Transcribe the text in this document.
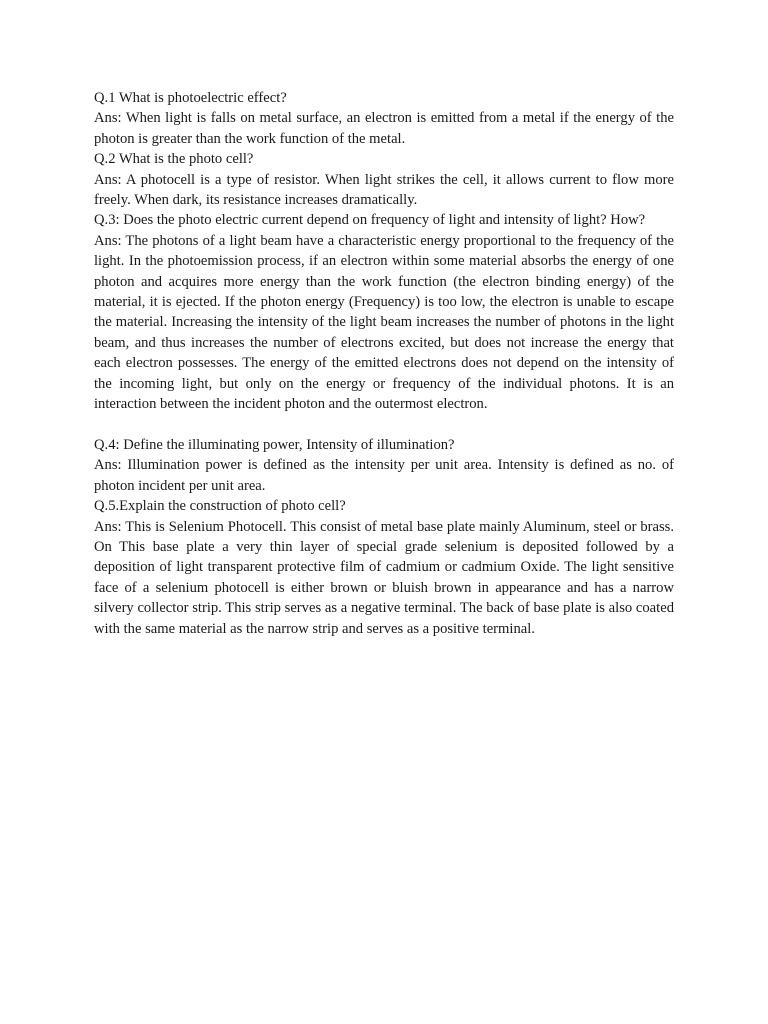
Q.1 What is photoelectric effect?

Ans: When light is falls on metal surface, an electron is emitted from a metal if the energy of the photon is greater than the work function of the metal.

Q.2 What is the photo cell?

Ans: A photocell is a type of resistor. When light strikes the cell, it allows current to flow more freely. When dark, its resistance increases dramatically.

Q.3: Does the photo electric current depend on frequency of light and intensity of light? How?

Ans: The photons of a light beam have a characteristic energy proportional to the frequency of the light. In the photoemission process, if an electron within some material absorbs the energy of one photon and acquires more energy than the work function (the electron binding energy) of the material, it is ejected. If the photon energy (Frequency) is too low, the electron is unable to escape the material. Increasing the intensity of the light beam increases the number of photons in the light beam, and thus increases the number of electrons excited, but does not increase the energy that each electron possesses. The energy of the emitted electrons does not depend on the intensity of the incoming light, but only on the energy or frequency of the individual photons. It is an interaction between the incident photon and the outermost electron.

Q.4: Define the illuminating power, Intensity of illumination?

Ans: Illumination power is defined as the intensity per unit area. Intensity is defined as no. of photon incident per unit area.

Q.5.Explain the construction of photo cell?

Ans: This is Selenium Photocell. This consist of metal base plate mainly Aluminum, steel or brass. On This base plate a very thin layer of special grade selenium is deposited followed by a deposition of light transparent protective film of cadmium or cadmium Oxide. The light sensitive face of a selenium photocell is either brown or bluish brown in appearance and has a narrow silvery collector strip. This strip serves as a negative terminal. The back of base plate is also coated with the same material as the narrow strip and serves as a positive terminal.
